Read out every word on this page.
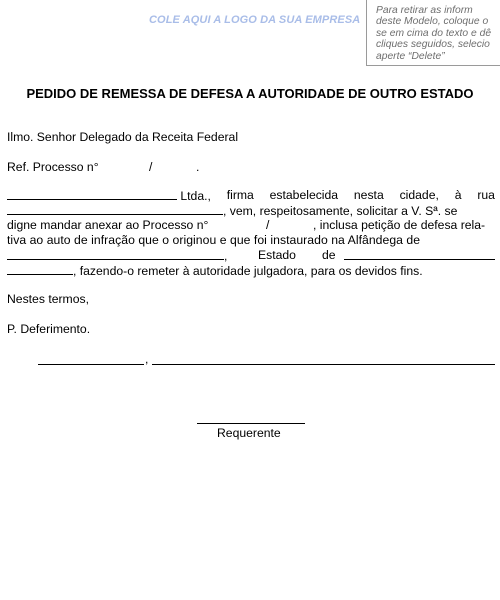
COLE AQUI A LOGO DA SUA EMPRESA
Para retirar as inform
deste Modelo, coloque o
se em cima do texto e dê
cliques seguidos, selecio
aperte “Delete”
PEDIDO DE REMESSA DE DEFESA A AUTORIDADE DE OUTRO ESTADO
Ilmo. Senhor Delegado da Receita Federal
Ref. Processo n°	/	.
Ltda., firma estabelecida nesta cidade, à rua
, vem, respeitosamente, solicitar a V. Sª. se
digne mandar anexar ao Processo n°	/	, inclusa petição de defesa rela-
tiva ao auto de infração que o originou e que foi instaurado na Alfândega de
,	Estado de
, fazendo-o remeter à autoridade julgadora, para os devidos fins.
Nestes termos,
P. Deferimento.
,
Requerente
